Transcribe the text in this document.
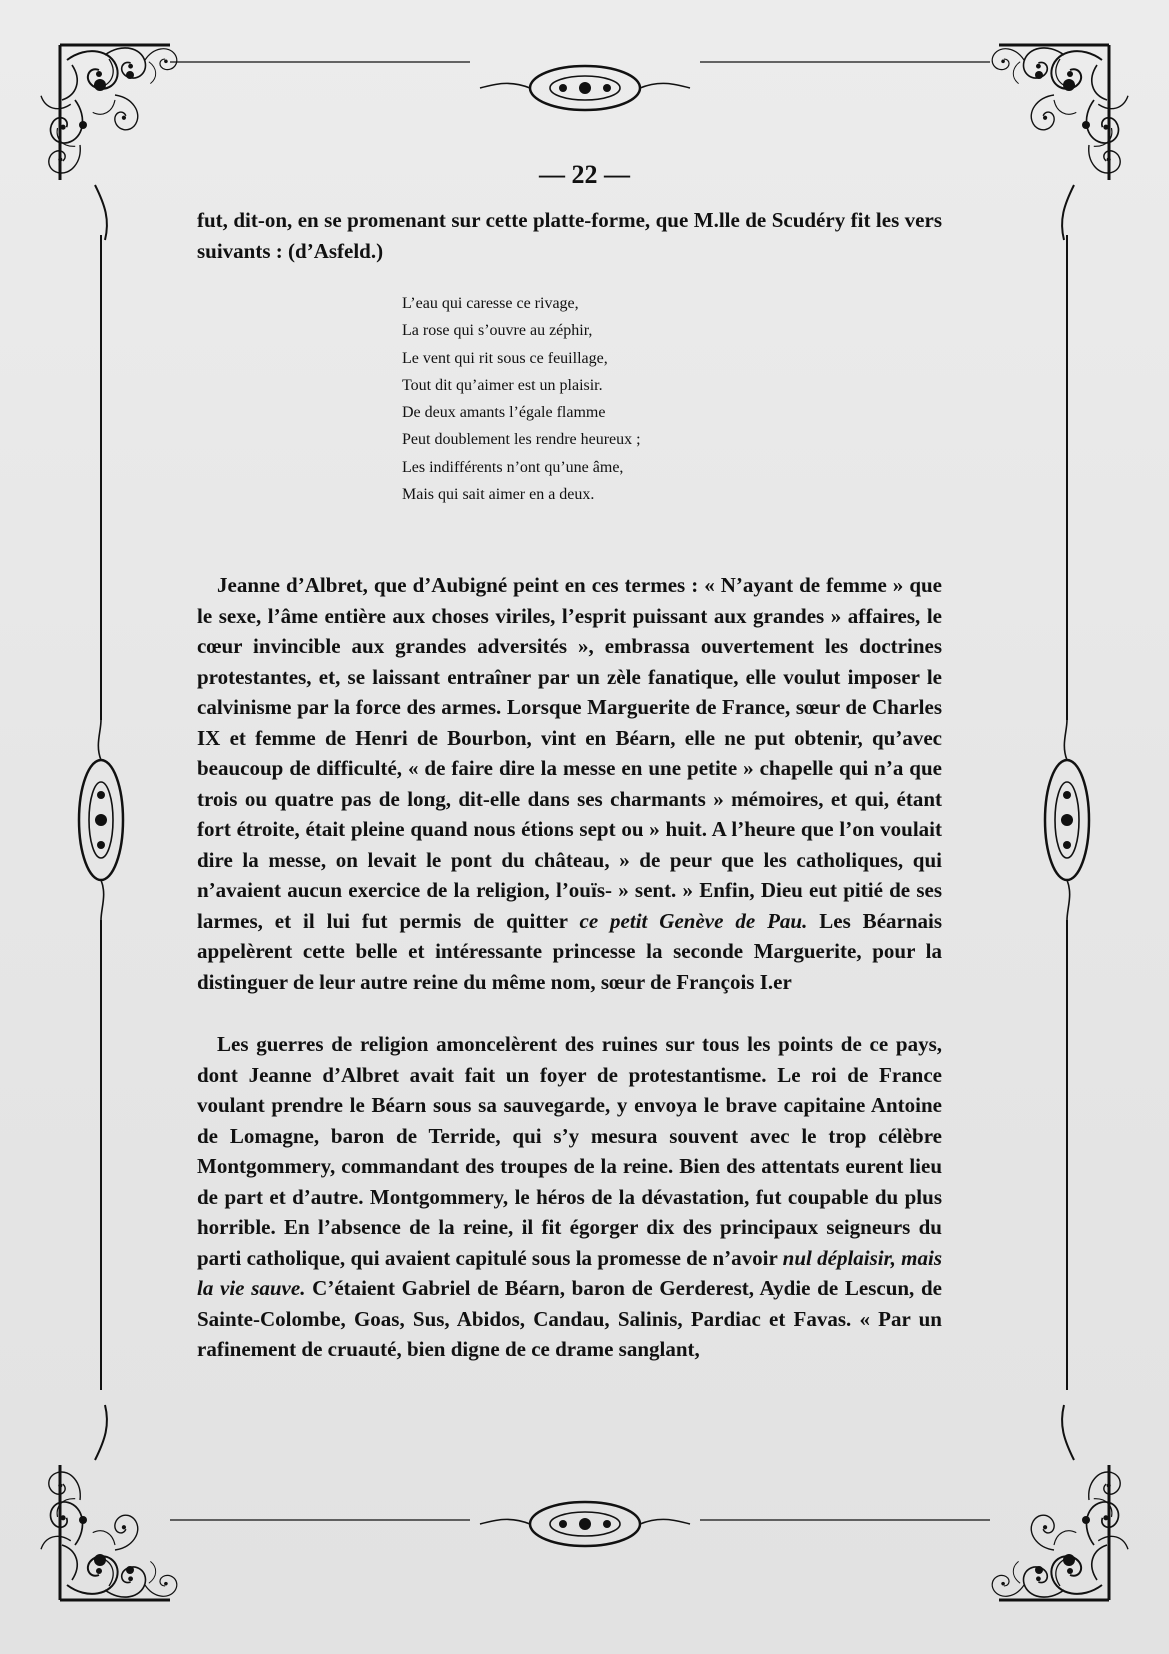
— 22 —

fut, dit-on, en se promenant sur cette platte-forme, que M.lle de Scudéry fit les vers suivants : (d’Asfeld.)

L’eau qui caresse ce rivage,
La rose qui s’ouvre au zéphir,
Le vent qui rit sous ce feuillage,
Tout dit qu’aimer est un plaisir.
De deux amants l’égale flamme
Peut doublement les rendre heureux ;
Les indifférents n’ont qu’une âme,
Mais qui sait aimer en a deux.

Jeanne d’Albret, que d’Aubigné peint en ces termes : « N’ayant de femme » que le sexe, l’âme entière aux choses viriles, l’esprit puissant aux grandes » affaires, le cœur invincible aux grandes adversités », embrassa ouvertement les doctrines protestantes, et, se laissant entraîner par un zèle fanatique, elle voulut imposer le calvinisme par la force des armes. Lorsque Marguerite de France, sœur de Charles IX et femme de Henri de Bourbon, vint en Béarn, elle ne put obtenir, qu’avec beaucoup de difficulté, « de faire dire la messe en une petite » chapelle qui n’a que trois ou quatre pas de long, dit-elle dans ses charmants » mémoires, et qui, étant fort étroite, était pleine quand nous étions sept ou » huit. A l’heure que l’on voulait dire la messe, on levait le pont du château, » de peur que les catholiques, qui n’avaient aucun exercice de la religion, l’ouïs- » sent. » Enfin, Dieu eut pitié de ses larmes, et il lui fut permis de quitter ce petit Genève de Pau. Les Béarnais appelèrent cette belle et intéressante princesse la seconde Marguerite, pour la distinguer de leur autre reine du même nom, sœur de François I.er

Les guerres de religion amoncelèrent des ruines sur tous les points de ce pays, dont Jeanne d’Albret avait fait un foyer de protestantisme. Le roi de France voulant prendre le Béarn sous sa sauvegarde, y envoya le brave capitaine Antoine de Lomagne, baron de Terride, qui s’y mesura souvent avec le trop célèbre Montgommery, commandant des troupes de la reine. Bien des attentats eurent lieu de part et d’autre. Montgommery, le héros de la dévastation, fut coupable du plus horrible. En l’absence de la reine, il fit égorger dix des principaux seigneurs du parti catholique, qui avaient capitulé sous la promesse de n’avoir nul déplaisir, mais la vie sauve. C’étaient Gabriel de Béarn, baron de Gerderest, Aydie de Lescun, de Sainte-Colombe, Goas, Sus, Abidos, Candau, Salinis, Pardiac et Favas. « Par un rafinement de cruauté, bien digne de ce drame sanglant,
